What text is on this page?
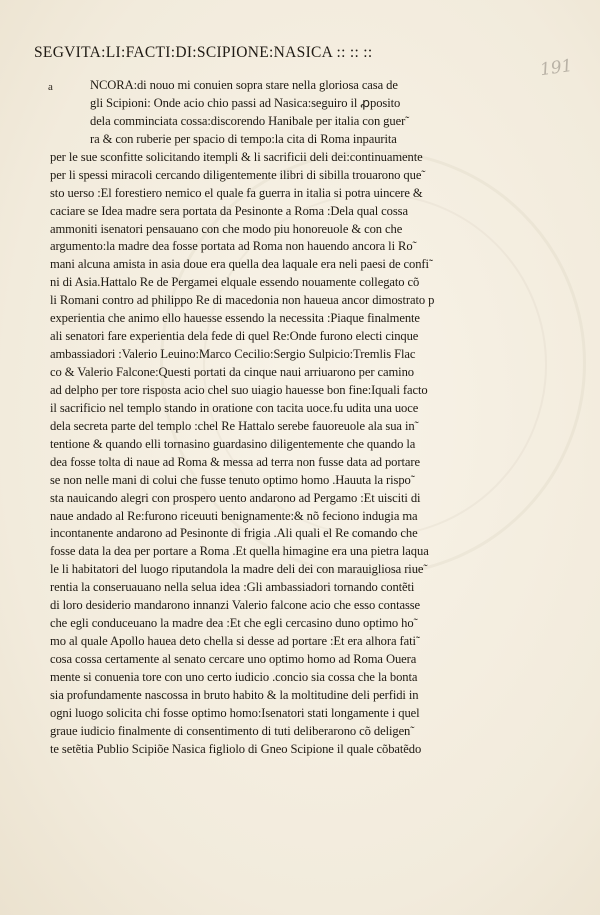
191
SEGVITA:LI:FACTI:DI:SCIPIONE:NASICA :: :: ::
a	NCORA:di nouo mi conuien sopra stare nella gloriosa casa de
gli Scipioni: Onde acio chio passi ad Nasica:seguiro il ꝓposito
dela comminciata cossa:discorendo Hanibale per italia con guer˜
ra & con ruberie per spacio di tempo:la cita di Roma inpaurita
per le sue sconfitte solicitando itempli & li sacrificii deli dei:continuamente
per li spessi miracoli cercando diligentemente ilibri di sibilla trouarono que˜
sto uerso :El forestiero nemico el quale fa guerra in italia si potra uincere &
caciare se Idea madre sera portata da Pesinonte a Roma :Dela qual cossa
ammoniti isenatori pensauano con che modo piu honoreuole & con che
argumento:la madre dea fosse portata ad Roma non hauendo ancora li Ro˜
mani alcuna amista in asia doue era quella dea laquale era neli paesi de confi˜
ni di Asia.Hattalo Re de Pergamei elquale essendo nouamente collegato cõ
li Romani contro ad philippo Re di macedonia non haueua ancor dimostrato p
experientia che animo ello hauesse essendo la necessita :Piaque finalmente
ali senatori fare experientia dela fede di quel Re:Onde furono electi cinque
ambassiadori :Valerio Leuino:Marco Cecilio:Sergio Sulpicio:Tremlis Flac
co & Valerio Falcone:Questi portati da cinque naui arriuarono per camino
ad delpho per tore risposta acio chel suo uiagio hauesse bon fine:Iquali facto
il sacrificio nel templo stando in oratione con tacita uoce.fu udita una uoce
dela secreta parte del templo :chel Re Hattalo serebe fauoreuole ala sua in˜
tentione & quando elli tornasino guardasino diligentemente che quando la
dea fosse tolta di naue ad Roma & messa ad terra non fusse data ad portare
se non nelle mani di colui che fusse tenuto optimo homo .Hauuta la rispo˜
sta nauicando alegri con prospero uento andarono ad Pergamo :Et uisciti di
naue andado al Re:furono riceuuti benignamente:& nõ feciono indugia ma
incontanente andarono ad Pesinonte di frigia .Ali quali el Re comando che
fosse data la dea per portare a Roma .Et quella himagine era una pietra laqua
le li habitatori del luogo riputandola la madre deli dei con marauigliosa riue˜
rentia la conseruauano nella selua idea :Gli ambassiadori tornando contẽti
di loro desiderio mandarono innanzi Valerio falcone acio che esso contasse
che egli conduceuano la madre dea :Et che egli cercasino duno optimo ho˜
mo al quale Apollo hauea deto chella si desse ad portare :Et era alhora fati˜
cosa cossa certamente al senato cercare uno optimo homo ad Roma Ouera
mente si conuenia tore con uno certo iudicio .concio sia cossa che la bonta
sia profundamente nascossa in bruto habito & la moltitudine deli perfidi in
ogni luogo solicita chi fosse optimo homo:Isenatori stati longamente i quel
graue iudicio finalmente di consentimento di tuti deliberarono cõ deligen˜
te setẽtia Publio Scipiõe Nasica figliolo di Gneo Scipione il quale cõbatẽdo
